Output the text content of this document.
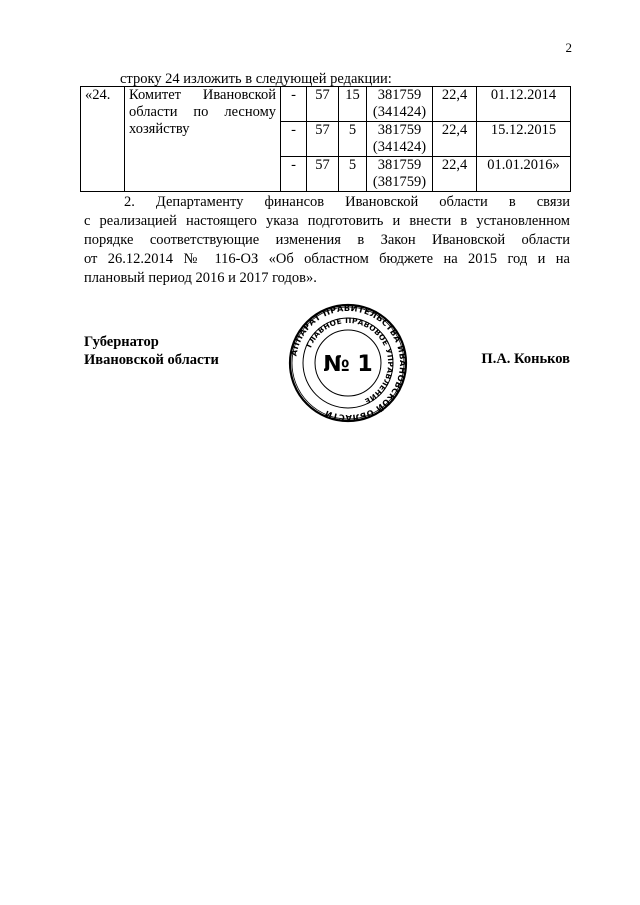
2
строку 24 изложить в следующей редакции:
«24.	Комитет Ивановской
области по лесному
хозяйству	-	57	15	381759
(341424)	22,4	01.12.2014
		-	57	5	381759
(341424)	22,4	15.12.2015
		-	57	5	381759
(381759)	22,4	01.01.2016»
2. Департаменту финансов Ивановской области в связи
с реализацией настоящего указа подготовить и внести в установленном
порядке соответствующие изменения в Закон Ивановской области
от 26.12.2014 № 116-ОЗ «Об областном бюджете на 2015 год и на
плановый период 2016 и 2017 годов».
Губернатор
Ивановской области	П.А. Коньков
АППАРАТ ПРАВИТЕЛЬСТВА ИВАНОВСКОЙ ОБЛАСТИ
ГЛАВНОЕ ПРАВОВОЕ УПРАВЛЕНИЕ
№ 1
